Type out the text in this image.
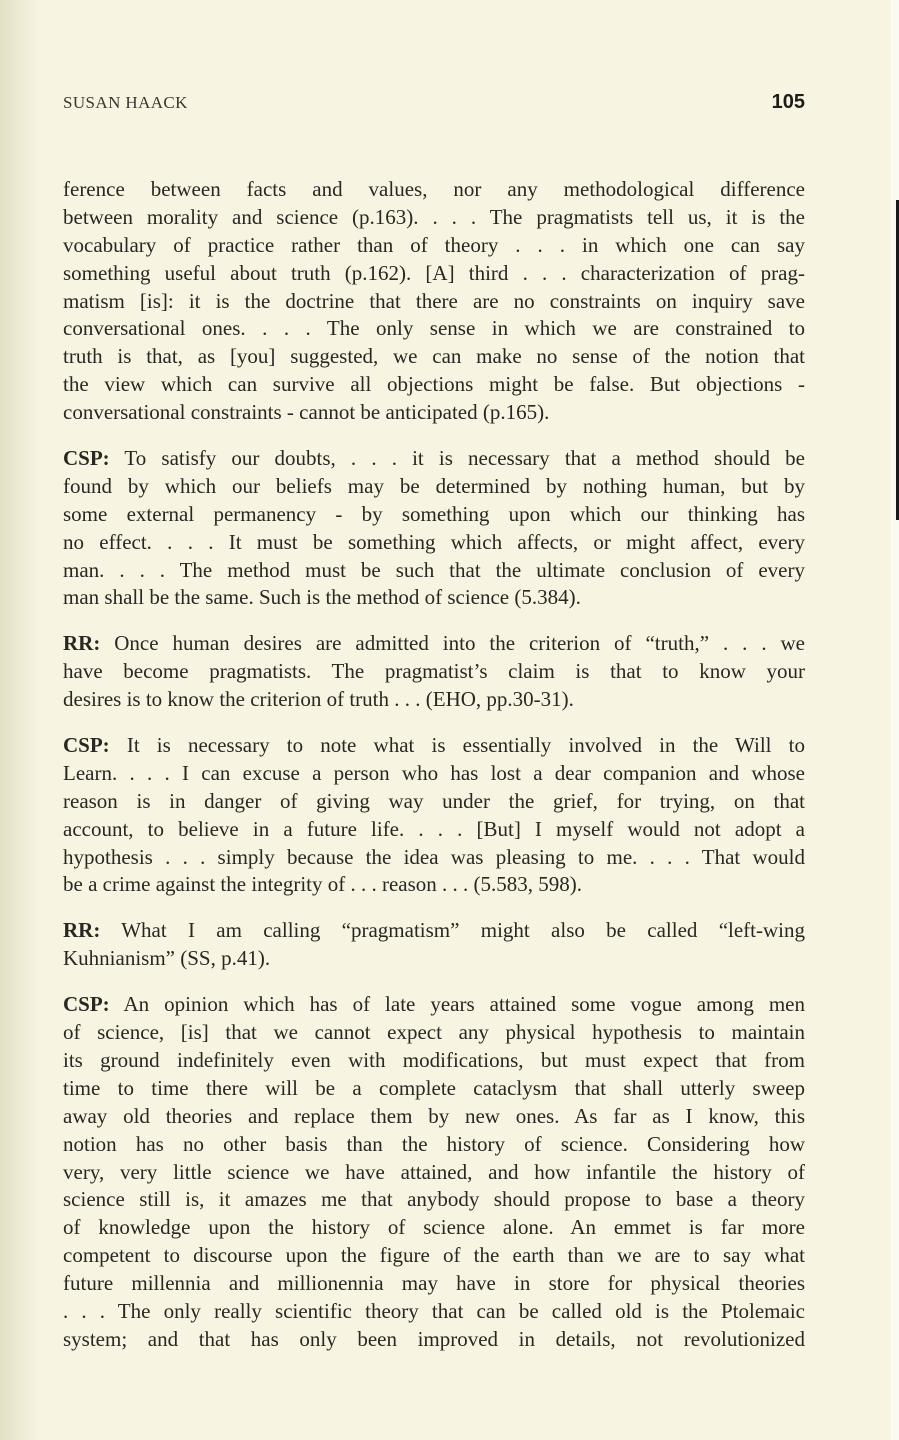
SUSAN HAACK	105
ference between facts and values, nor any methodological difference
between morality and science (p.163). . . . The pragmatists tell us, it is the
vocabulary of practice rather than of theory . . . in which one can say
something useful about truth (p.162). [A] third . . . characterization of prag-
matism [is]: it is the doctrine that there are no constraints on inquiry save
conversational ones. . . . The only sense in which we are constrained to
truth is that, as [you] suggested, we can make no sense of the notion that
the view which can survive all objections might be false. But objections -
conversational constraints - cannot be anticipated (p.165).
CSP: To satisfy our doubts, . . . it is necessary that a method should be
found by which our beliefs may be determined by nothing human, but by
some external permanency - by something upon which our thinking has
no effect. . . . It must be something which affects, or might affect, every
man. . . . The method must be such that the ultimate conclusion of every
man shall be the same. Such is the method of science (5.384).
RR: Once human desires are admitted into the criterion of “truth,” . . . we
have become pragmatists. The pragmatist’s claim is that to know your
desires is to know the criterion of truth . . . (EHO, pp.30-31).
CSP: It is necessary to note what is essentially involved in the Will to
Learn. . . . I can excuse a person who has lost a dear companion and whose
reason is in danger of giving way under the grief, for trying, on that
account, to believe in a future life. . . . [But] I myself would not adopt a
hypothesis . . . simply because the idea was pleasing to me. . . . That would
be a crime against the integrity of . . . reason . . . (5.583, 598).
RR: What I am calling “pragmatism” might also be called “left-wing
Kuhnianism” (SS, p.41).
CSP: An opinion which has of late years attained some vogue among men
of science, [is] that we cannot expect any physical hypothesis to maintain
its ground indefinitely even with modifications, but must expect that from
time to time there will be a complete cataclysm that shall utterly sweep
away old theories and replace them by new ones. As far as I know, this
notion has no other basis than the history of science. Considering how
very, very little science we have attained, and how infantile the history of
science still is, it amazes me that anybody should propose to base a theory
of knowledge upon the history of science alone. An emmet is far more
competent to discourse upon the figure of the earth than we are to say what
future millennia and millionennia may have in store for physical theories
. . . The only really scientific theory that can be called old is the Ptolemaic
system; and that has only been improved in details, not revolutionized
